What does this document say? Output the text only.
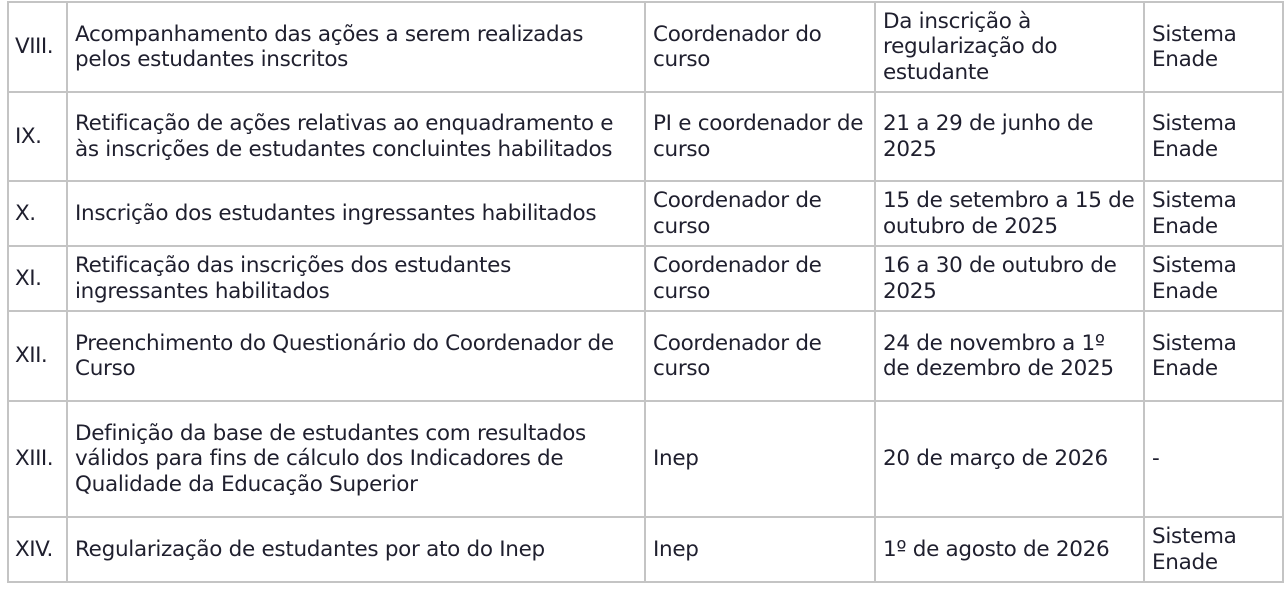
VIII.	Acompanhamento das ações a serem realizadas pelos estudantes inscritos	Coordenador do curso	Da inscrição à regularização do estudante	Sistema Enade
IX.	Retificação de ações relativas ao enquadramento e às inscrições de estudantes concluintes habilitados	PI e coordenador de curso	21 a 29 de junho de 2025	Sistema Enade
X.	Inscrição dos estudantes ingressantes habilitados	Coordenador de curso	15 de setembro a 15 de outubro de 2025	Sistema Enade
XI.	Retificação das inscrições dos estudantes ingressantes habilitados	Coordenador de curso	16 a 30 de outubro de 2025	Sistema Enade
XII.	Preenchimento do Questionário do Coordenador de Curso	Coordenador de curso	24 de novembro a 1º de dezembro de 2025	Sistema Enade
XIII.	Definição da base de estudantes com resultados válidos para fins de cálculo dos Indicadores de Qualidade da Educação Superior	Inep	20 de março de 2026	-
XIV.	Regularização de estudantes por ato do Inep	Inep	1º de agosto de 2026	Sistema Enade
